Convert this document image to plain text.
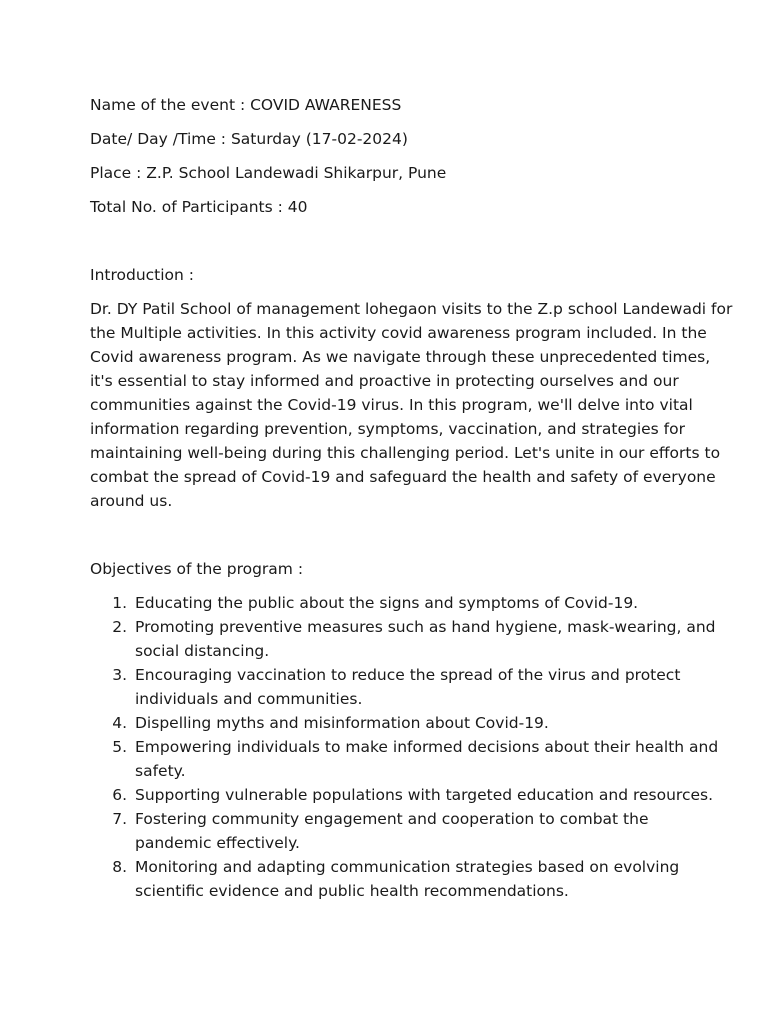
Name of the event : COVID AWARENESS

Date/ Day /Time : Saturday (17-02-2024)

Place : Z.P. School Landewadi Shikarpur, Pune

Total No. of Participants : 40

Introduction :

Dr. DY Patil School of management lohegaon visits to the Z.p school Landewadi for
the Multiple activities. In this activity covid awareness program included. In the
Covid awareness program. As we navigate through these unprecedented times,
it's essential to stay informed and proactive in protecting ourselves and our
communities against the Covid-19 virus. In this program, we'll delve into vital
information regarding prevention, symptoms, vaccination, and strategies for
maintaining well-being during this challenging period. Let's unite in our efforts to
combat the spread of Covid-19 and safeguard the health and safety of everyone
around us.

Objectives of the program :

1. Educating the public about the signs and symptoms of Covid-19.
2. Promoting preventive measures such as hand hygiene, mask-wearing, and
social distancing.
3. Encouraging vaccination to reduce the spread of the virus and protect
individuals and communities.
4. Dispelling myths and misinformation about Covid-19.
5. Empowering individuals to make informed decisions about their health and
safety.
6. Supporting vulnerable populations with targeted education and resources.
7. Fostering community engagement and cooperation to combat the
pandemic effectively.
8. Monitoring and adapting communication strategies based on evolving
scientific evidence and public health recommendations.
